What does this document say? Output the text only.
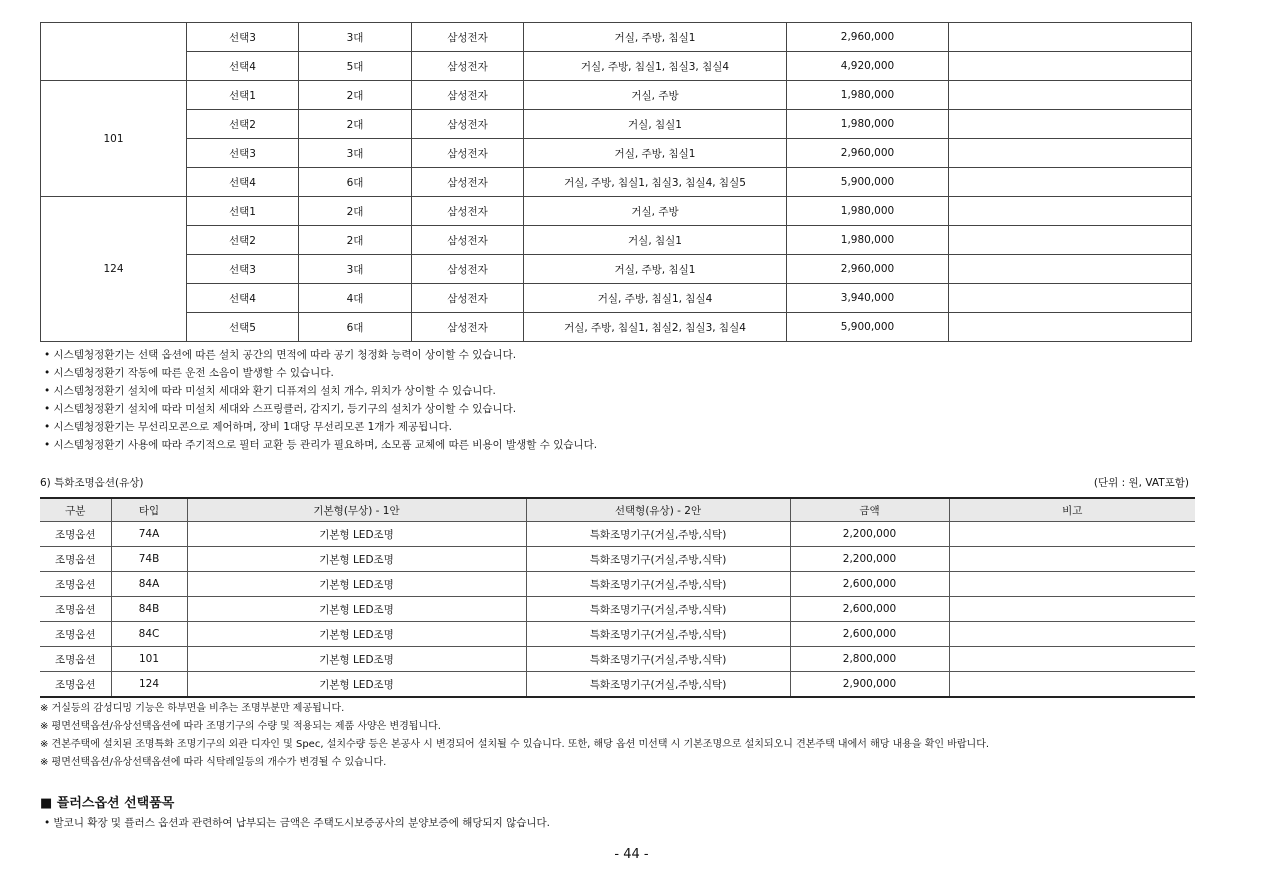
	선택3	3대	삼성전자	거실, 주방, 침실1	2,960,000	
	선택4	5대	삼성전자	거실, 주방, 침실1, 침실3, 침실4	4,920,000	
101	선택1	2대	삼성전자	거실, 주방	1,980,000	
	선택2	2대	삼성전자	거실, 침실1	1,980,000	
	선택3	3대	삼성전자	거실, 주방, 침실1	2,960,000	
	선택4	6대	삼성전자	거실, 주방, 침실1, 침실3, 침실4, 침실5	5,900,000	
124	선택1	2대	삼성전자	거실, 주방	1,980,000	
	선택2	2대	삼성전자	거실, 침실1	1,980,000	
	선택3	3대	삼성전자	거실, 주방, 침실1	2,960,000	
	선택4	4대	삼성전자	거실, 주방, 침실1, 침실4	3,940,000	
	선택5	6대	삼성전자	거실, 주방, 침실1, 침실2, 침실3, 침실4	5,900,000	
• 시스템청정환기는 선택 옵션에 따른 설치 공간의 면적에 따라 공기 청정화 능력이 상이할 수 있습니다.
• 시스템청정환기 작동에 따른 운전 소음이 발생할 수 있습니다.
• 시스템청정환기 설치에 따라 미설치 세대와 환기 디퓨져의 설치 개수, 위치가 상이할 수 있습니다.
• 시스템청정환기 설치에 따라 미설치 세대와 스프링클러, 감지기, 등기구의 설치가 상이할 수 있습니다.
• 시스템청정환기는 무선리모콘으로 제어하며, 장비 1대당 무선리모콘 1개가 제공됩니다.
• 시스템청정환기 사용에 따라 주기적으로 필터 교환 등 관리가 필요하며, 소모품 교체에 따른 비용이 발생할 수 있습니다.
6) 특화조명옵션(유상)	(단위 : 원, VAT포함)
구분	타입	기본형(무상) - 1안	선택형(유상) - 2안	금액	비고
조명옵션	74A	기본형 LED조명	특화조명기구(거실,주방,식탁)	2,200,000	
조명옵션	74B	기본형 LED조명	특화조명기구(거실,주방,식탁)	2,200,000	
조명옵션	84A	기본형 LED조명	특화조명기구(거실,주방,식탁)	2,600,000	
조명옵션	84B	기본형 LED조명	특화조명기구(거실,주방,식탁)	2,600,000	
조명옵션	84C	기본형 LED조명	특화조명기구(거실,주방,식탁)	2,600,000	
조명옵션	101	기본형 LED조명	특화조명기구(거실,주방,식탁)	2,800,000	
조명옵션	124	기본형 LED조명	특화조명기구(거실,주방,식탁)	2,900,000	
※ 거실등의 감성디밍 기능은 하부면을 비추는 조명부분만 제공됩니다.
※ 평면선택옵션/유상선택옵션에 따라 조명기구의 수량 및 적용되는 제품 사양은 변경됩니다.
※ 견본주택에 설치된 조명특화 조명기구의 외관 디자인 및 Spec, 설치수량 등은 본공사 시 변경되어 설치될 수 있습니다. 또한, 해당 옵션 미선택 시 기본조명으로 설치되오니 견본주택 내에서 해당 내용을 확인 바랍니다.
※ 평면선택옵션/유상선택옵션에 따라 식탁레일등의 개수가 변경될 수 있습니다.
■ 플러스옵션 선택품목
• 발코니 확장 및 플러스 옵션과 관련하여 납부되는 금액은 주택도시보증공사의 분양보증에 해당되지 않습니다.
- 44 -
